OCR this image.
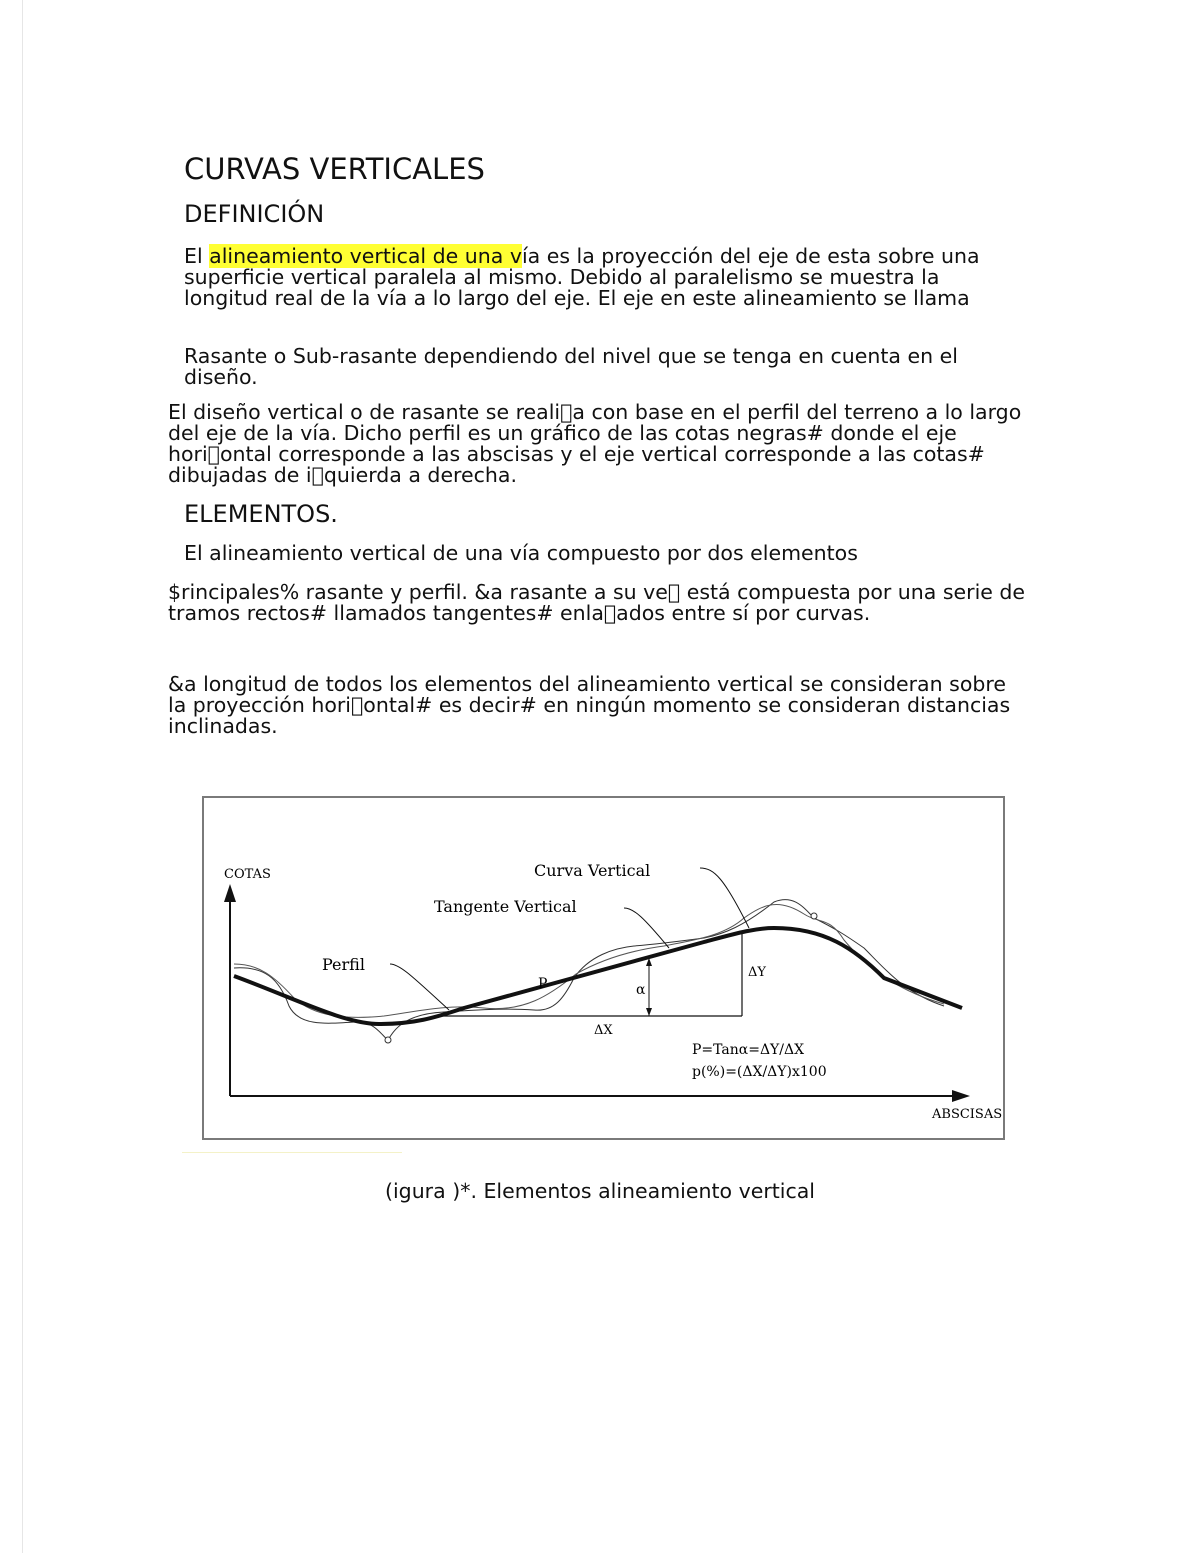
CURVAS VERTICALES
DEFINICIÓN

El alineamiento vertical de una vía es la proyección del eje de esta sobre una superficie vertical paralela al mismo. Debido al paralelismo se muestra la longitud real de la vía a lo largo del eje. El eje en este alineamiento se llama

Rasante o Sub-rasante dependiendo del nivel que se tenga en cuenta en el diseño.

El diseño vertical o de rasante se reali a con base en el perfil del terreno a lo largo del eje de la vía. Dicho perfil es un gráfico de las cotas negras# donde el eje hori ontal corresponde a las abscisas y el eje vertical corresponde a las cotas# dibujadas de i quierda a derecha.

ELEMENTOS.

El alineamiento vertical de una vía compuesto por dos elementos

$rincipales% rasante y perfil. &a rasante a su ve  está compuesta por una serie de tramos rectos# llamados tangentes# enla ados entre sí por curvas.

&a longitud de todos los elementos del alineamiento vertical se consideran sobre la proyección hori ontal# es decir# en ningún momento se consideran distancias inclinadas.

COTAS
ABSCISAS
Curva Vertical
Tangente Vertical
Perfil
P	α
ΔY
ΔX
P=Tanα=ΔY/ΔX
p(%)=(ΔX/ΔY)x100

(igura )*. Elementos alineamiento vertical
